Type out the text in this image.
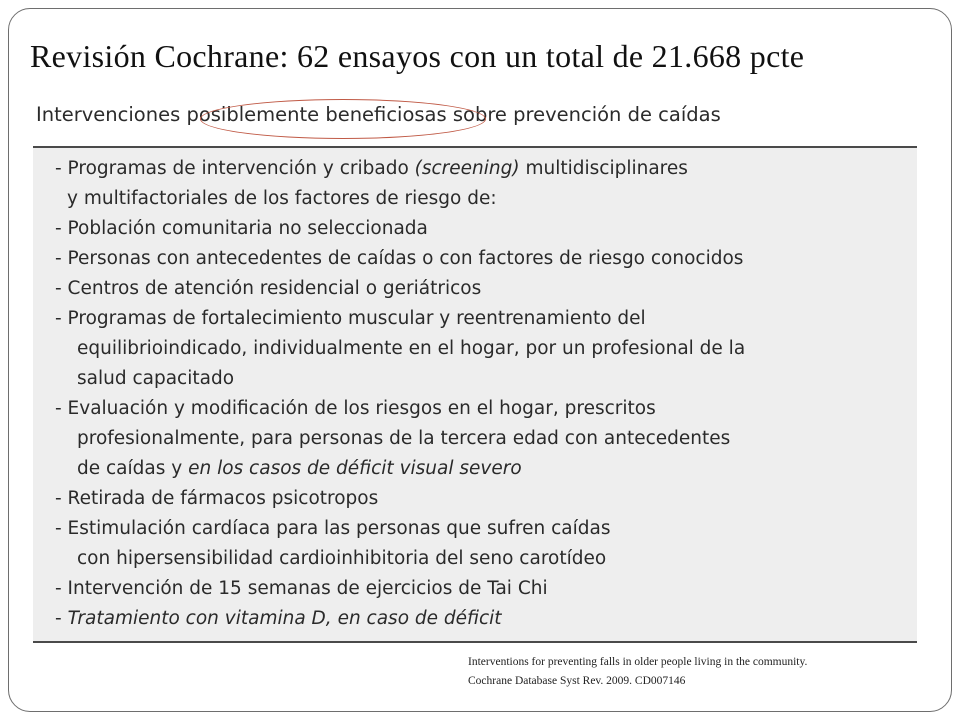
Revisión Cochrane: 62 ensayos con un total de 21.668 pcte
Intervenciones posiblemente beneficiosas sobre prevención de caídas
- Programas de intervención y cribado (screening) multidisciplinares
y multifactoriales de los factores de riesgo de:
- Población comunitaria no seleccionada
- Personas con antecedentes de caídas o con factores de riesgo conocidos
- Centros de atención residencial o geriátricos
- Programas de fortalecimiento muscular y reentrenamiento del
equilibrioindicado, individualmente en el hogar, por un profesional de la
salud capacitado
- Evaluación y modificación de los riesgos en el hogar, prescritos
profesionalmente, para personas de la tercera edad con antecedentes
de caídas y en los casos de déficit visual severo
- Retirada de fármacos psicotropos
- Estimulación cardíaca para las personas que sufren caídas
con hipersensibilidad cardioinhibitoria del seno carotídeo
- Intervención de 15 semanas de ejercicios de Tai Chi
- Tratamiento con vitamina D, en caso de déficit
Interventions for preventing falls in older people living in the community.
Cochrane Database Syst Rev. 2009. CD007146
